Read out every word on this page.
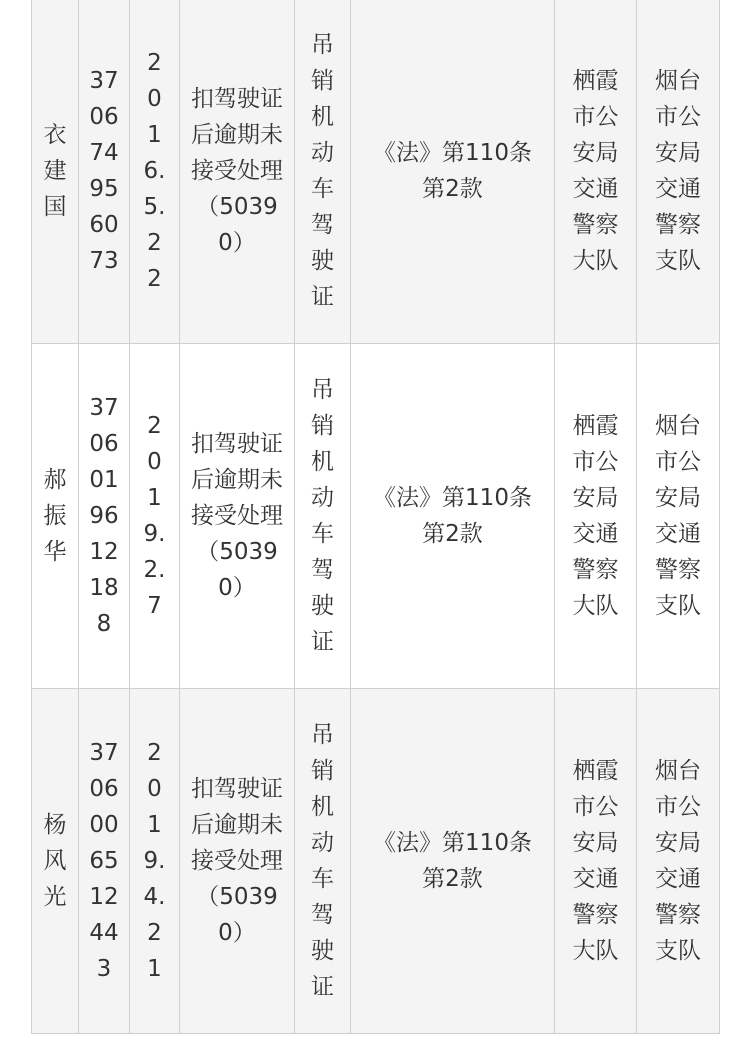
衣建国	370674956073	2016.5.22	扣驾驶证后逾期未接受处理（50390）	吊销机动车驾驶证	《法》第110条第2款	栖霞市公安局交通警察大队	烟台市公安局交通警察支队

郝振华	3706019612188	2019.2.7	扣驾驶证后逾期未接受处理（50390）	吊销机动车驾驶证	《法》第110条第2款	栖霞市公安局交通警察大队	烟台市公安局交通警察支队

杨风光	3706006512443	2019.4.21	扣驾驶证后逾期未接受处理（50390）	吊销机动车驾驶证	《法》第110条第2款	栖霞市公安局交通警察大队	烟台市公安局交通警察支队
